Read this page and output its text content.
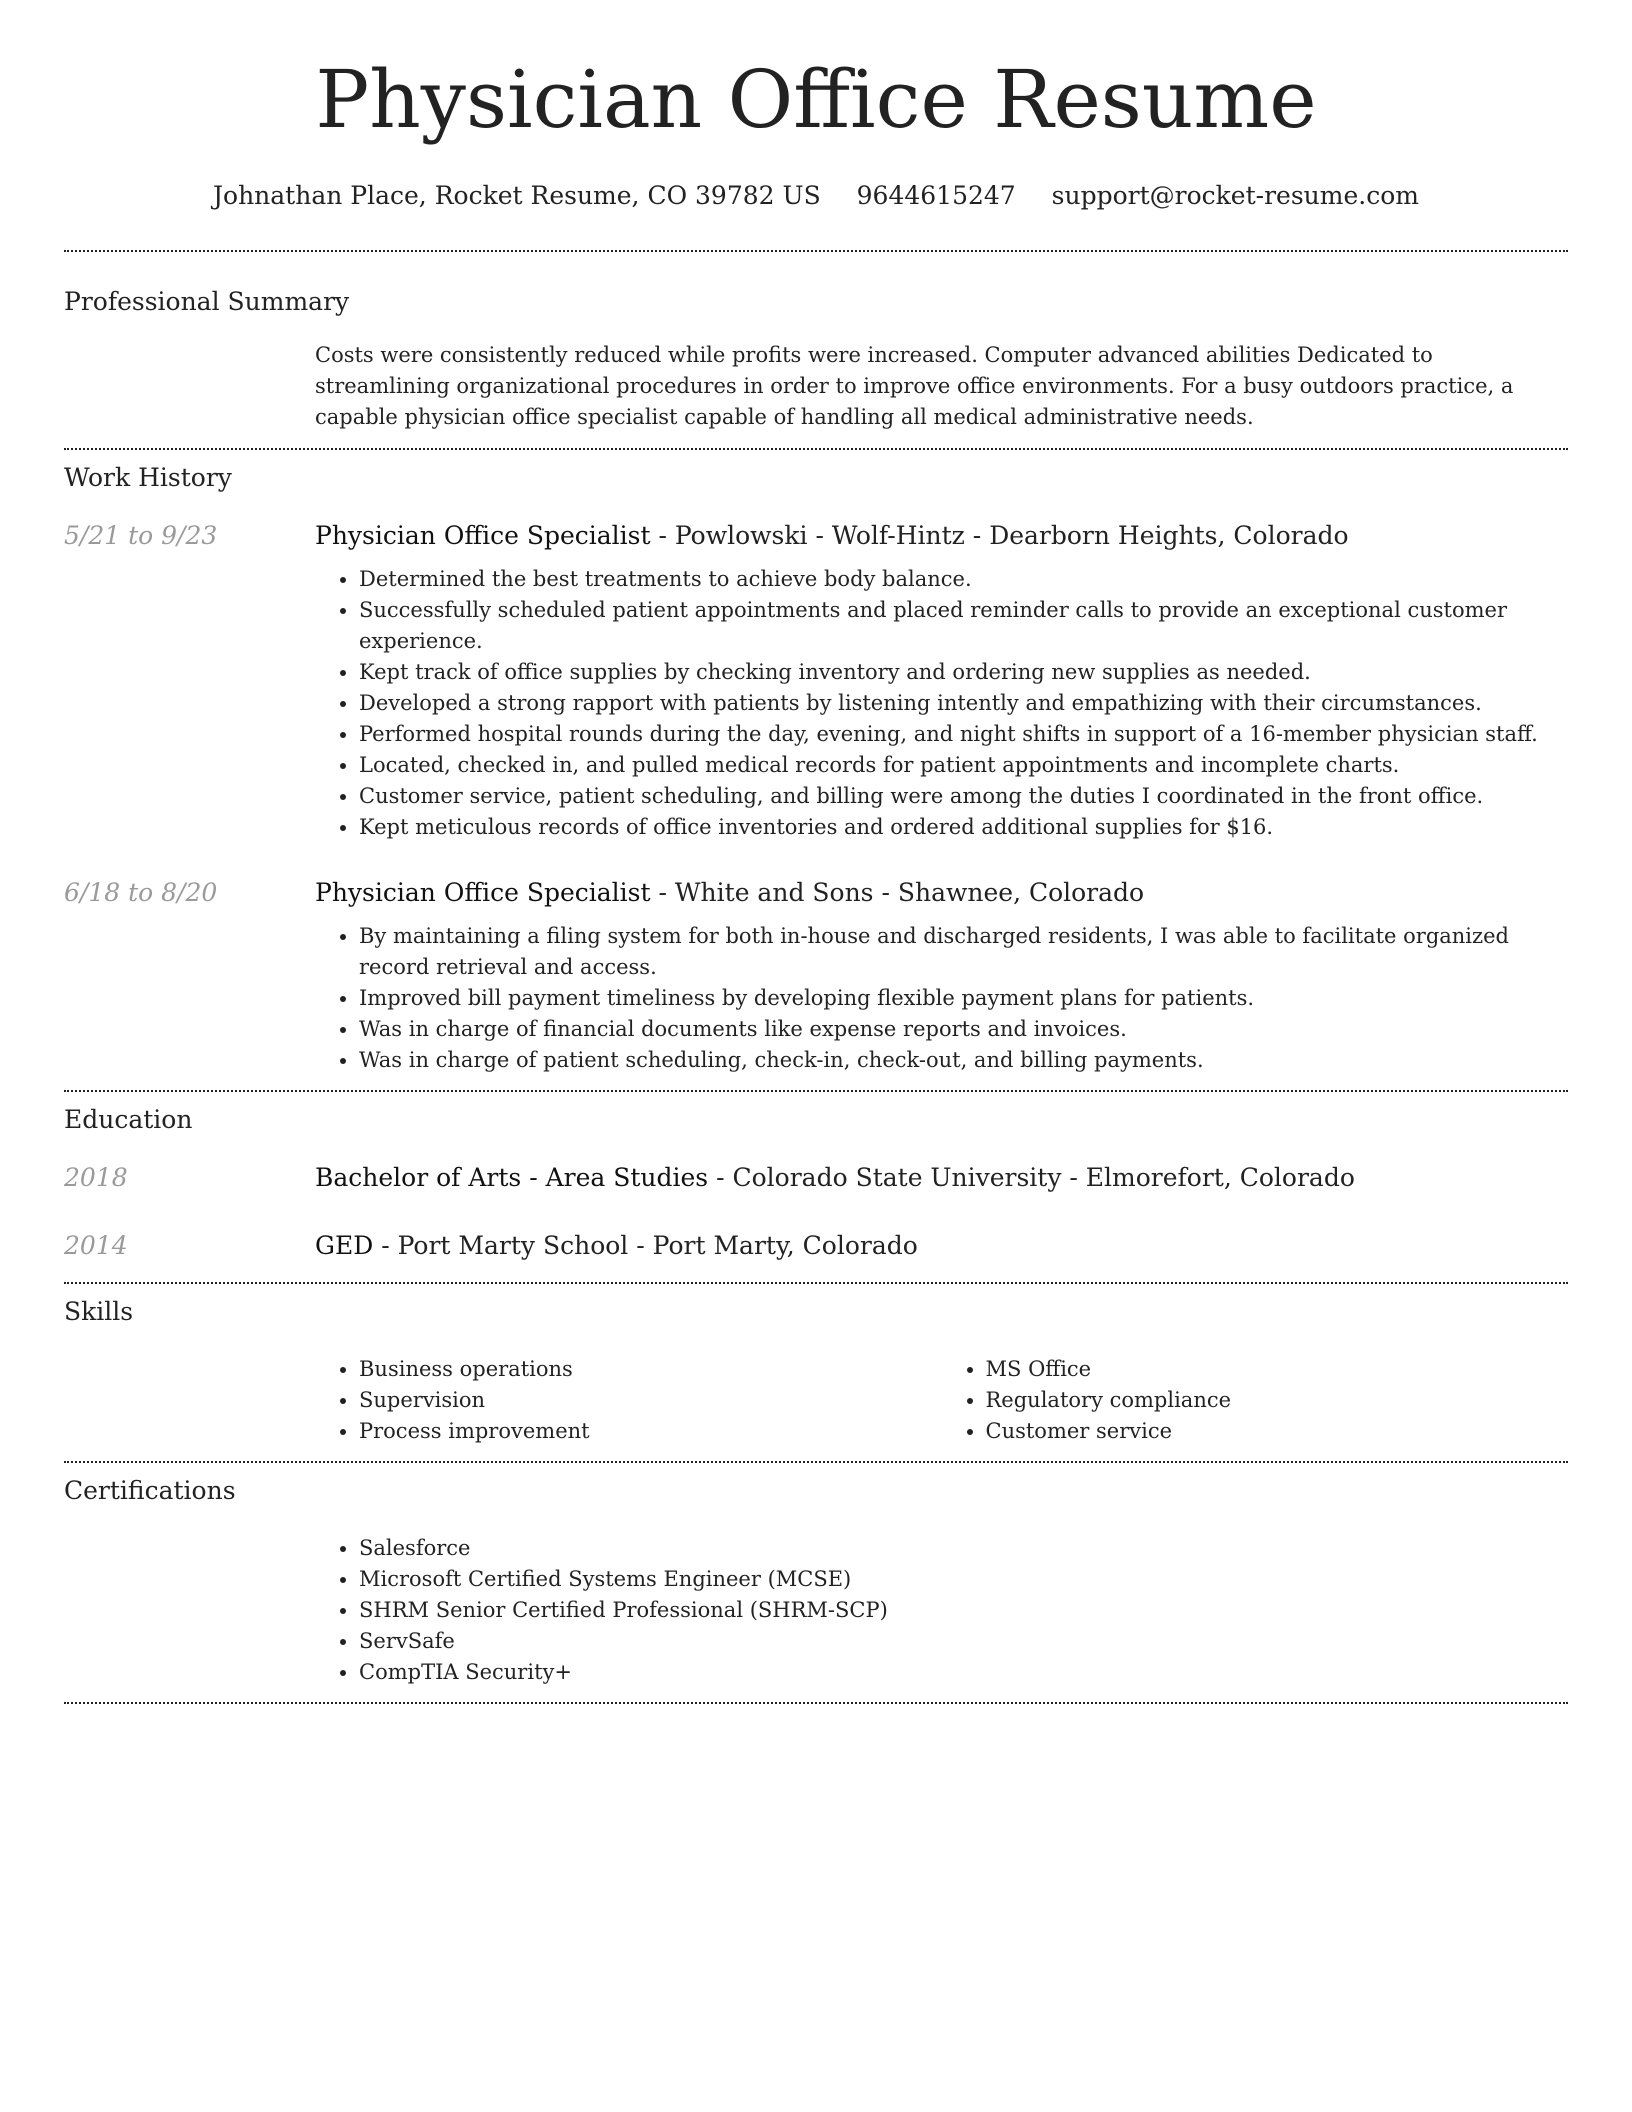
Physician Office Resume
Johnathan Place, Rocket Resume, CO 39782 US 9644615247 support@rocket-resume.com
Professional Summary
Costs were consistently reduced while profits were increased. Computer advanced abilities Dedicated to streamlining organizational procedures in order to improve office environments. For a busy outdoors practice, a capable physician office specialist capable of handling all medical administrative needs.
Work History
5/21 to 9/23	Physician Office Specialist - Powlowski - Wolf-Hintz - Dearborn Heights, Colorado
• Determined the best treatments to achieve body balance.
• Successfully scheduled patient appointments and placed reminder calls to provide an exceptional customer experience.
• Kept track of office supplies by checking inventory and ordering new supplies as needed.
• Developed a strong rapport with patients by listening intently and empathizing with their circumstances.
• Performed hospital rounds during the day, evening, and night shifts in support of a 16-member physician staff.
• Located, checked in, and pulled medical records for patient appointments and incomplete charts.
• Customer service, patient scheduling, and billing were among the duties I coordinated in the front office.
• Kept meticulous records of office inventories and ordered additional supplies for $16.
6/18 to 8/20	Physician Office Specialist - White and Sons - Shawnee, Colorado
• By maintaining a filing system for both in-house and discharged residents, I was able to facilitate organized record retrieval and access.
• Improved bill payment timeliness by developing flexible payment plans for patients.
• Was in charge of financial documents like expense reports and invoices.
• Was in charge of patient scheduling, check-in, check-out, and billing payments.
Education
2018	Bachelor of Arts - Area Studies - Colorado State University - Elmorefort, Colorado
2014	GED - Port Marty School - Port Marty, Colorado
Skills
• Business operations
• Supervision
• Process improvement
• MS Office
• Regulatory compliance
• Customer service
Certifications
• Salesforce
• Microsoft Certified Systems Engineer (MCSE)
• SHRM Senior Certified Professional (SHRM-SCP)
• ServSafe
• CompTIA Security+
